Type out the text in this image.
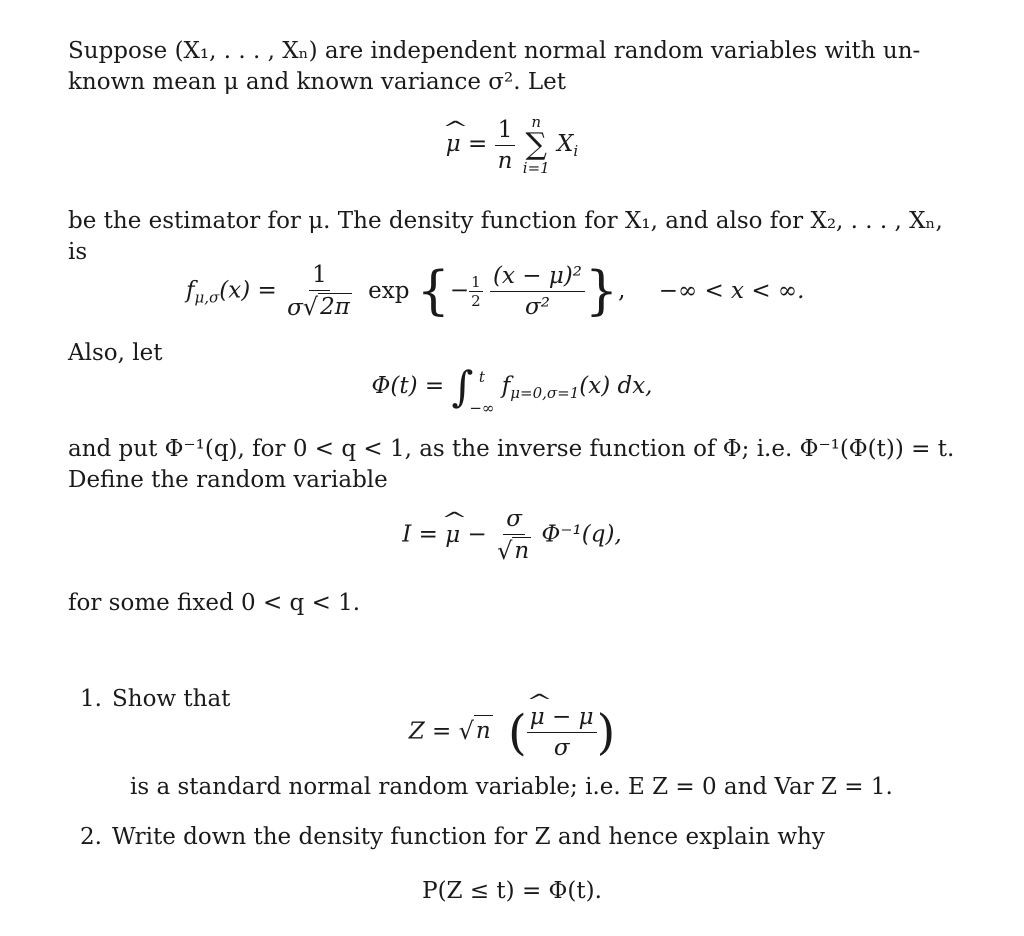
Suppose (X₁, . . . , Xₙ) are independent normal random variables with un-
known mean μ and known variance σ². Let
^ $\mu = \frac{1}{n}$
n
∑
i=1
$X_i$
be the estimator for μ. The density function for X₁, and also for X₂, . . . , Xₙ,
is
$f_{\mu,\sigma}(x) = \frac{1}{\sigma √ 2\pi}$ exp {− $\frac{1}{2}$
$\frac{\text{(x − μ)²}}{\text{σ²}}$ }, −∞ < x < ∞.
Also, let
Φ(t) = ∫ t
−∞
$f_{\mu=0,\sigma=1}(x)$ dx,
and put Φ⁻¹(q), for 0 < q < 1, as the inverse function of Φ; i.e. Φ⁻¹(Φ(t)) = t.
Define the random variable
I = ^ $\mu - \frac{\sigma}{√ n} \Phi^{-1}(q)$,
for some fixed 0 < q < 1.
1. Show that
Z = √ n ( ^ $\frac{\mu - \mu}{\sigma}$ )
is a standard normal random variable; i.e. E Z = 0 and Var Z = 1.
2. Write down the density function for Z and hence explain why
P(Z ≤ t) = Φ(t).
